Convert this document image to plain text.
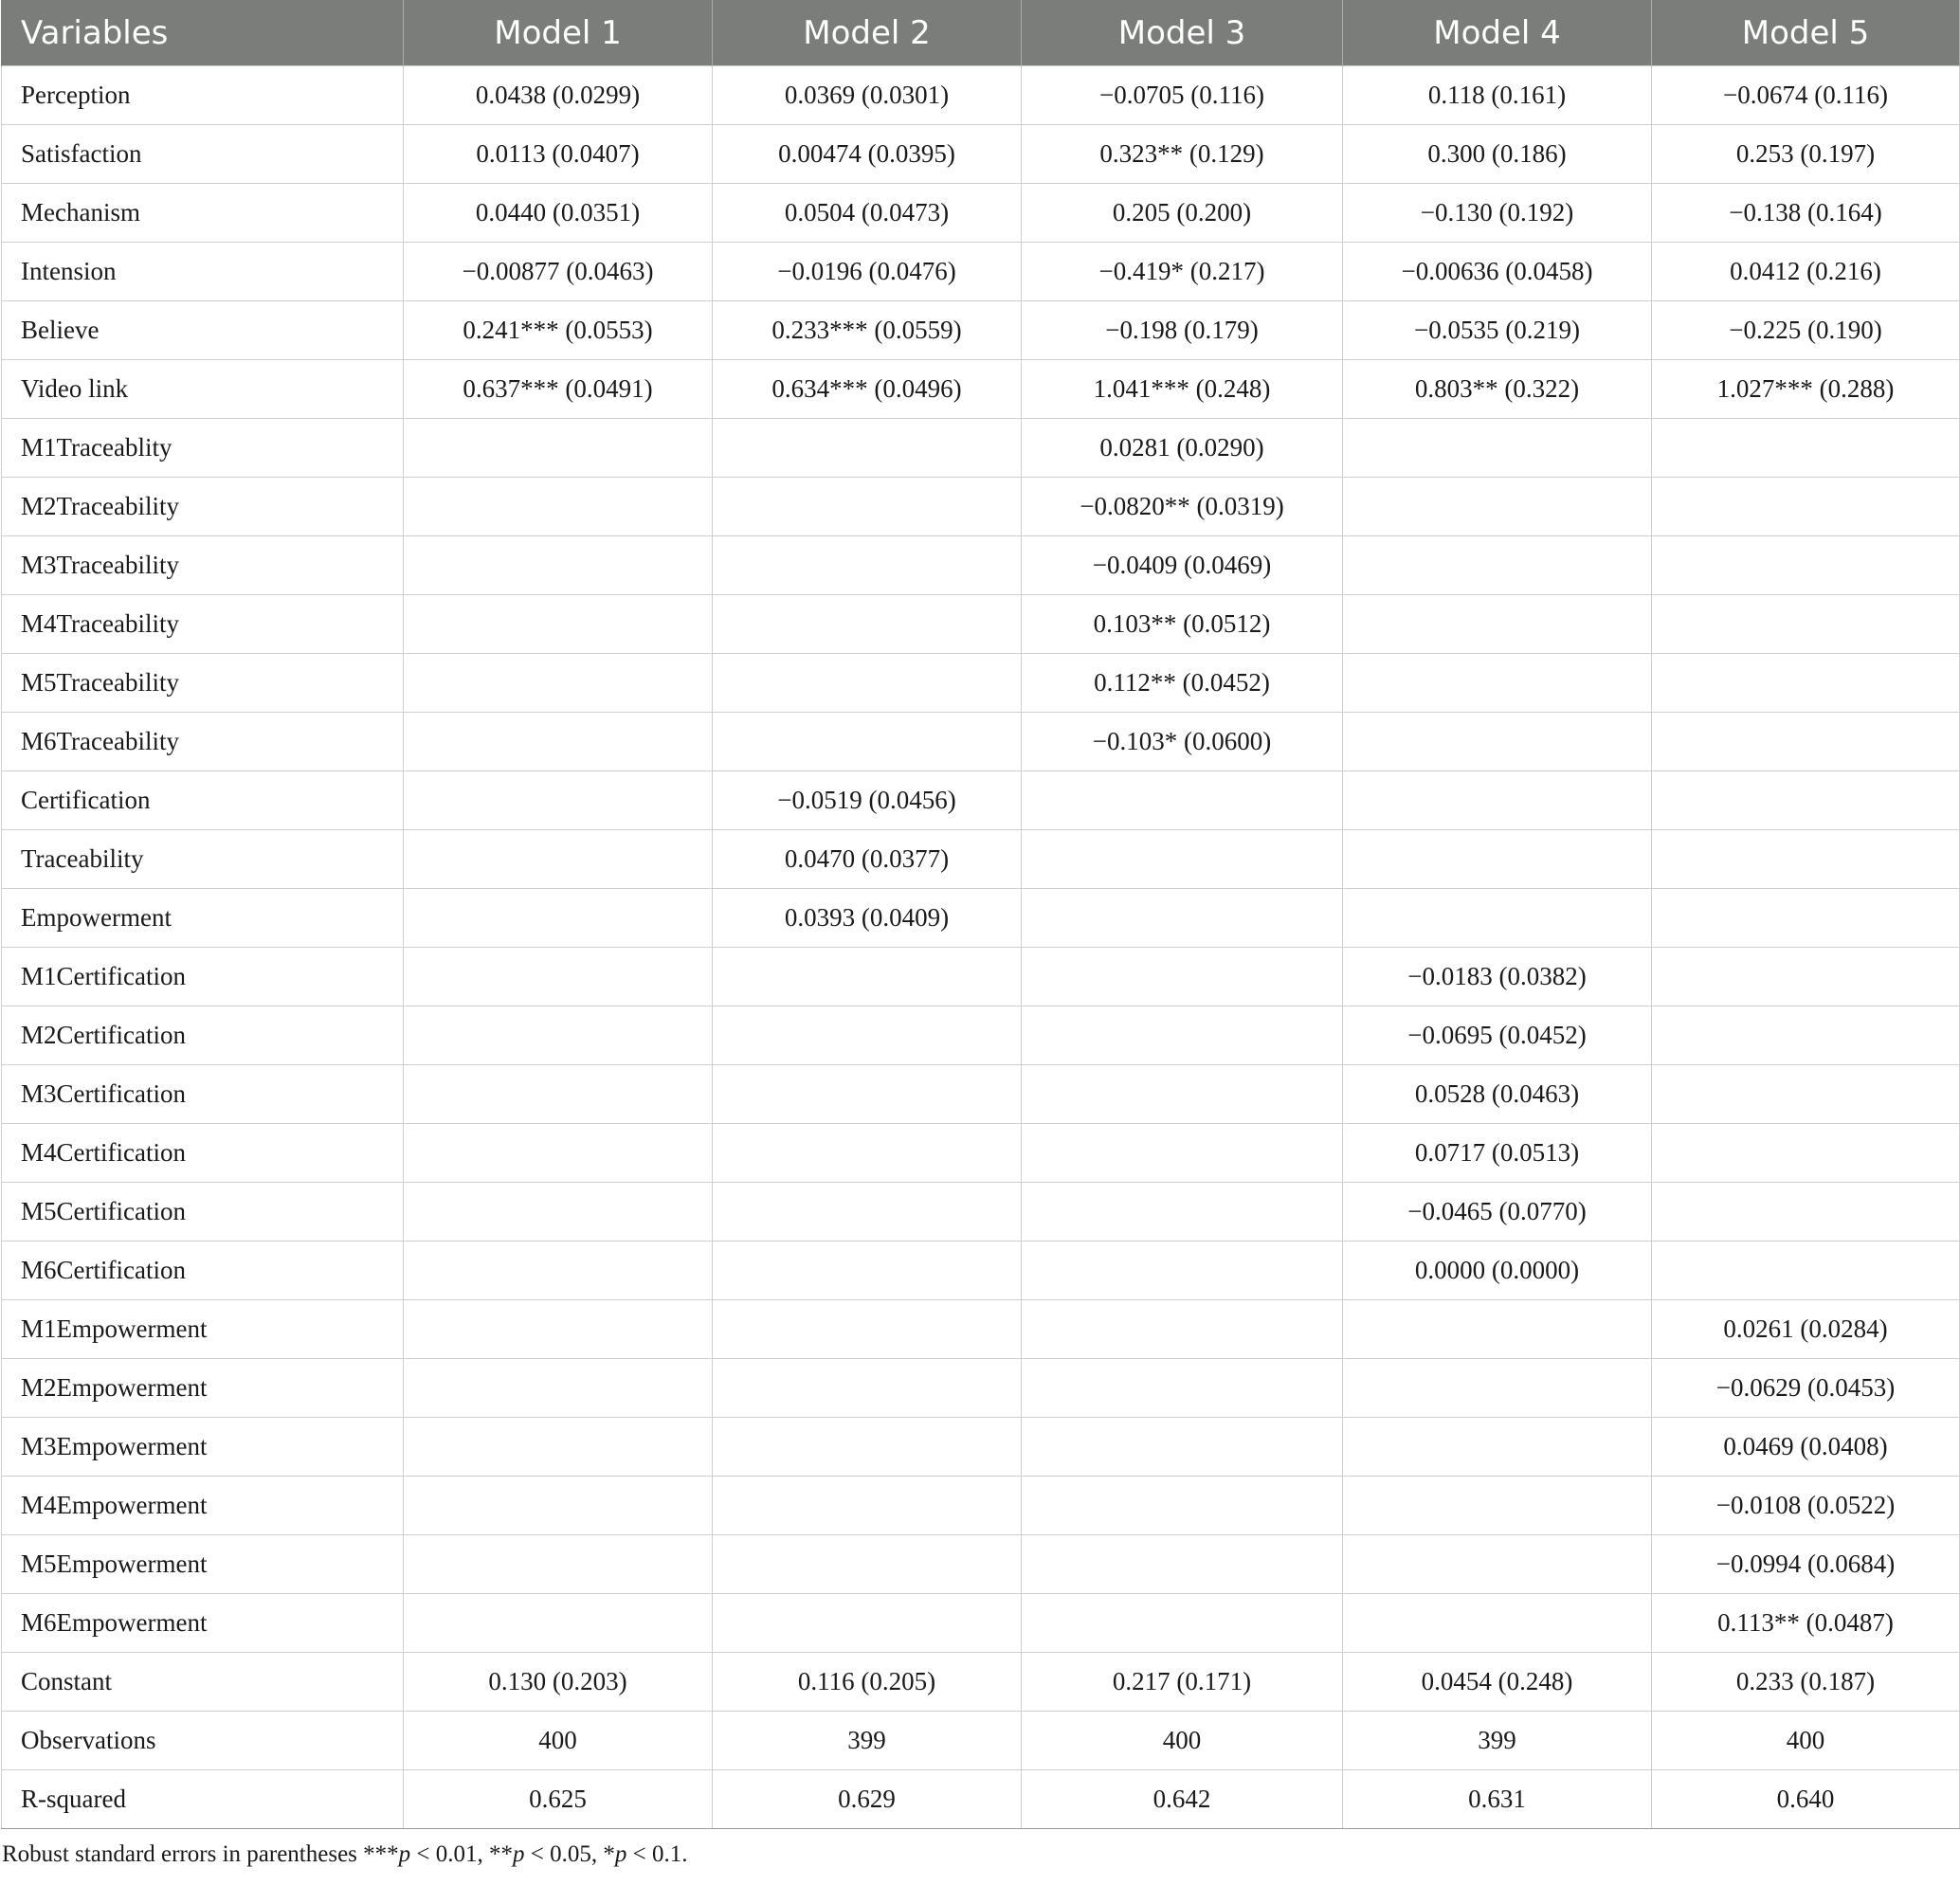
Variables	Model 1	Model 2	Model 3	Model 4	Model 5
Perception	0.0438 (0.0299)	0.0369 (0.0301)	−0.0705 (0.116)	0.118 (0.161)	−0.0674 (0.116)
Satisfaction	0.0113 (0.0407)	0.00474 (0.0395)	0.323** (0.129)	0.300 (0.186)	0.253 (0.197)
Mechanism	0.0440 (0.0351)	0.0504 (0.0473)	0.205 (0.200)	−0.130 (0.192)	−0.138 (0.164)
Intension	−0.00877 (0.0463)	−0.0196 (0.0476)	−0.419* (0.217)	−0.00636 (0.0458)	0.0412 (0.216)
Believe	0.241*** (0.0553)	0.233*** (0.0559)	−0.198 (0.179)	−0.0535 (0.219)	−0.225 (0.190)
Video link	0.637*** (0.0491)	0.634*** (0.0496)	1.041*** (0.248)	0.803** (0.322)	1.027*** (0.288)
M1Traceablity			0.0281 (0.0290)		
M2Traceability			−0.0820** (0.0319)		
M3Traceability			−0.0409 (0.0469)		
M4Traceability			0.103** (0.0512)		
M5Traceability			0.112** (0.0452)		
M6Traceability			−0.103* (0.0600)		
Certification		−0.0519 (0.0456)			
Traceability		0.0470 (0.0377)			
Empowerment		0.0393 (0.0409)			
M1Certification				−0.0183 (0.0382)	
M2Certification				−0.0695 (0.0452)	
M3Certification				0.0528 (0.0463)	
M4Certification				0.0717 (0.0513)	
M5Certification				−0.0465 (0.0770)	
M6Certification				0.0000 (0.0000)	
M1Empowerment					0.0261 (0.0284)
M2Empowerment					−0.0629 (0.0453)
M3Empowerment					0.0469 (0.0408)
M4Empowerment					−0.0108 (0.0522)
M5Empowerment					−0.0994 (0.0684)
M6Empowerment					0.113** (0.0487)
Constant	0.130 (0.203)	0.116 (0.205)	0.217 (0.171)	0.0454 (0.248)	0.233 (0.187)
Observations	400	399	400	399	400
R-squared	0.625	0.629	0.642	0.631	0.640
Robust standard errors in parentheses ***p < 0.01, **p < 0.05, *p < 0.1.
